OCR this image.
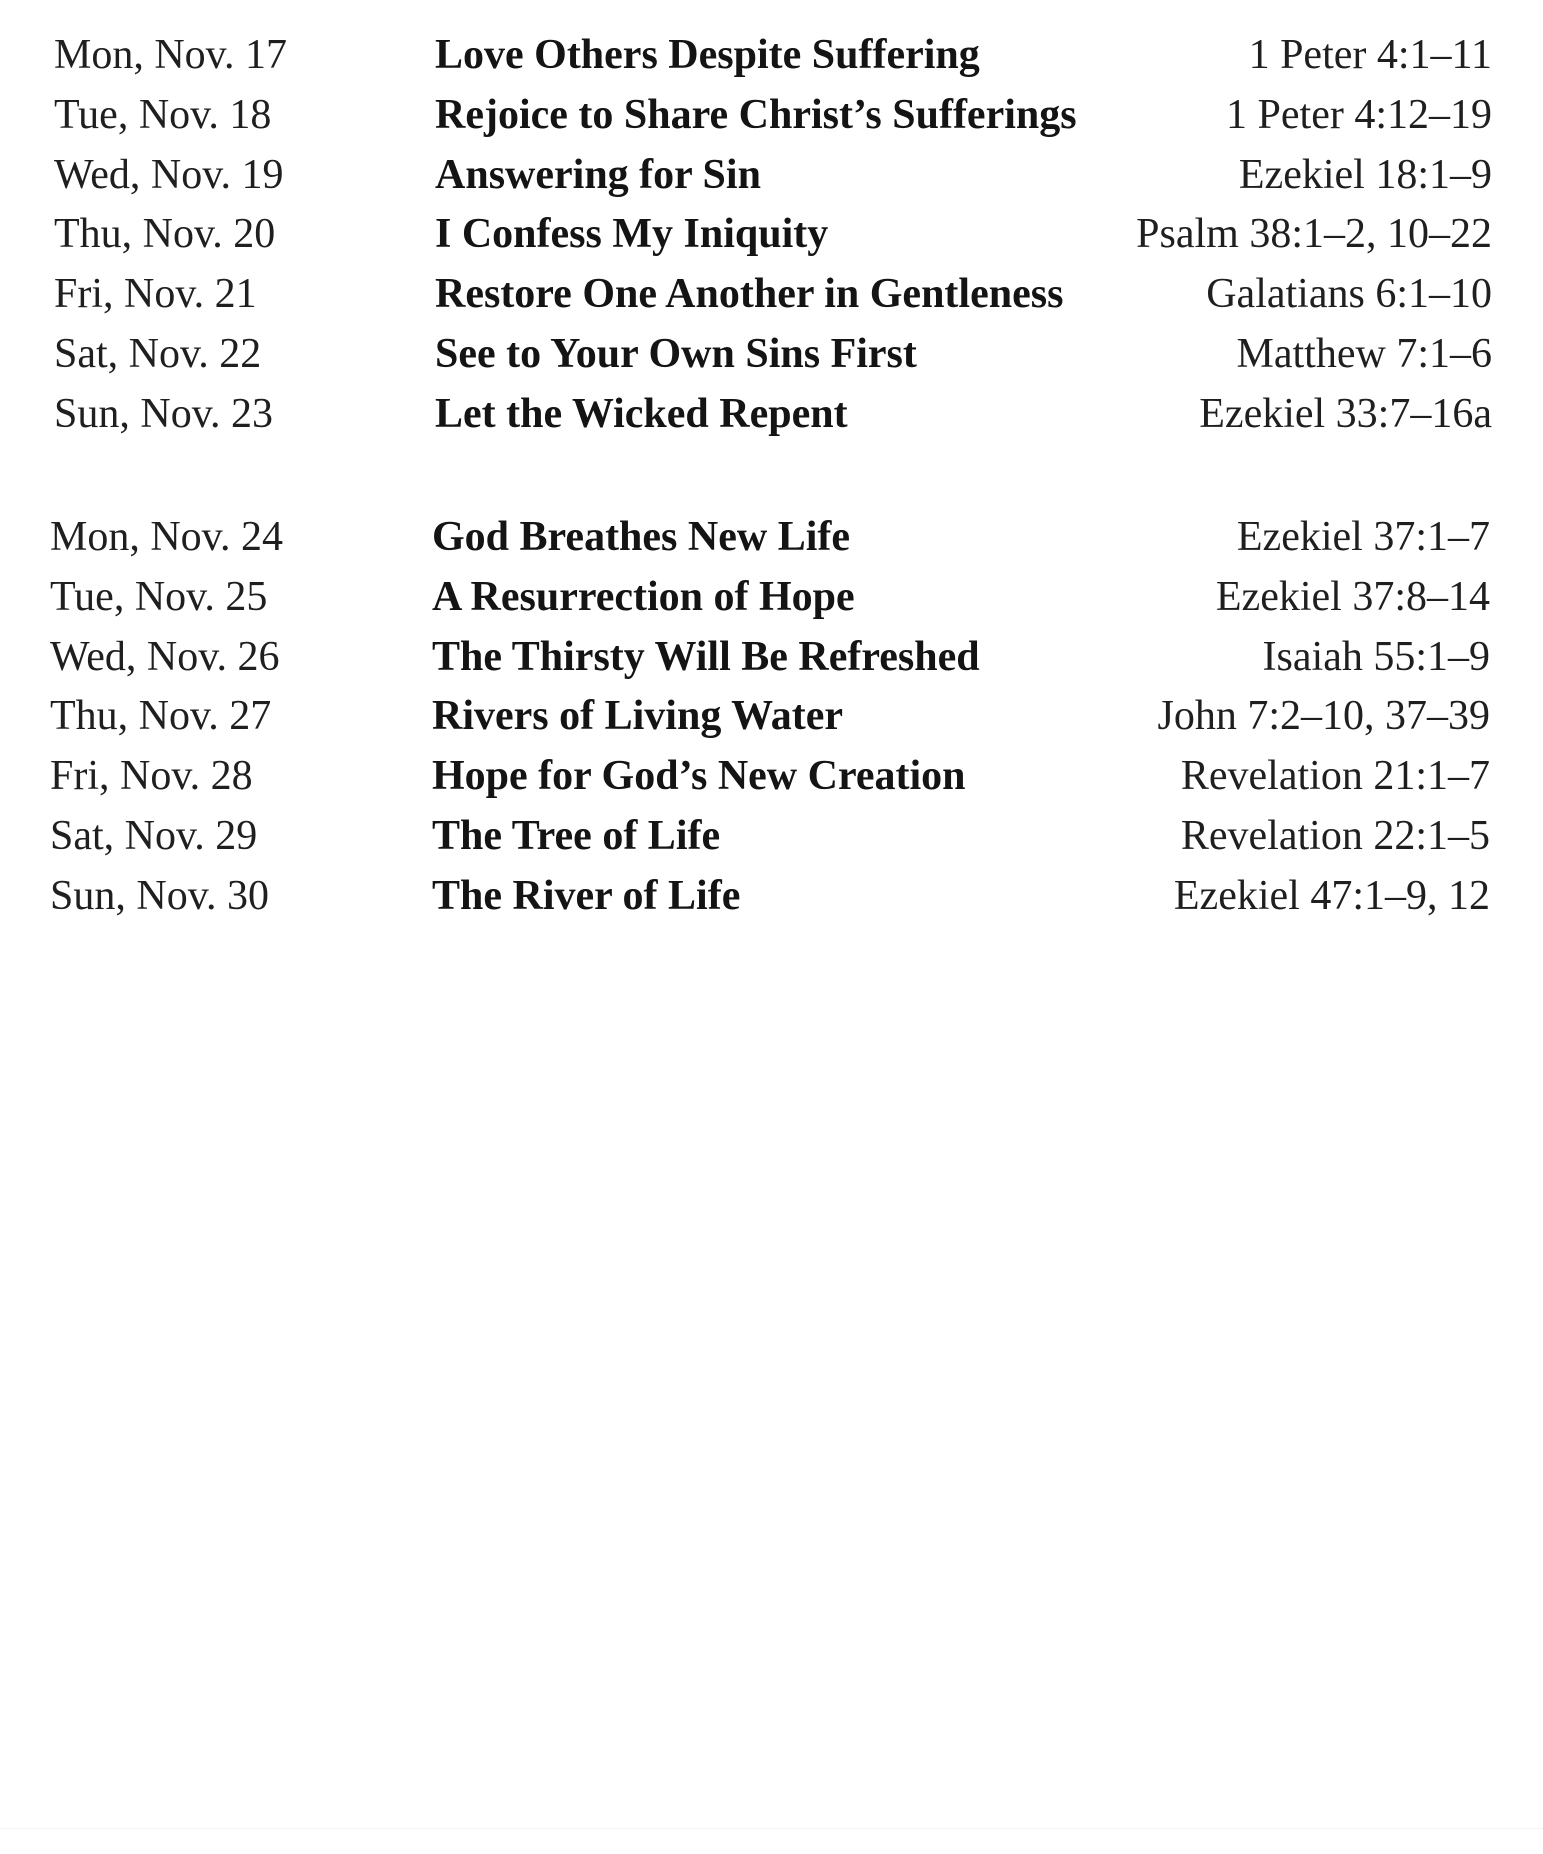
Mon, Nov. 17	Love Others Despite Suffering	1 Peter 4:1–11
Tue, Nov. 18	Rejoice to Share Christ’s Sufferings	1 Peter 4:12–19
Wed, Nov. 19	Answering for Sin	Ezekiel 18:1–9
Thu, Nov. 20	I Confess My Iniquity	Psalm 38:1–2, 10–22
Fri, Nov. 21	Restore One Another in Gentleness	Galatians 6:1–10
Sat, Nov. 22	See to Your Own Sins First	Matthew 7:1–6
Sun, Nov. 23	Let the Wicked Repent	Ezekiel 33:7–16a
Mon, Nov. 24	God Breathes New Life	Ezekiel 37:1–7
Tue, Nov. 25	A Resurrection of Hope	Ezekiel 37:8–14
Wed, Nov. 26	The Thirsty Will Be Refreshed	Isaiah 55:1–9
Thu, Nov. 27	Rivers of Living Water	John 7:2–10, 37–39
Fri, Nov. 28	Hope for God’s New Creation	Revelation 21:1–7
Sat, Nov. 29	The Tree of Life	Revelation 22:1–5
Sun, Nov. 30	The River of Life	Ezekiel 47:1–9, 12
